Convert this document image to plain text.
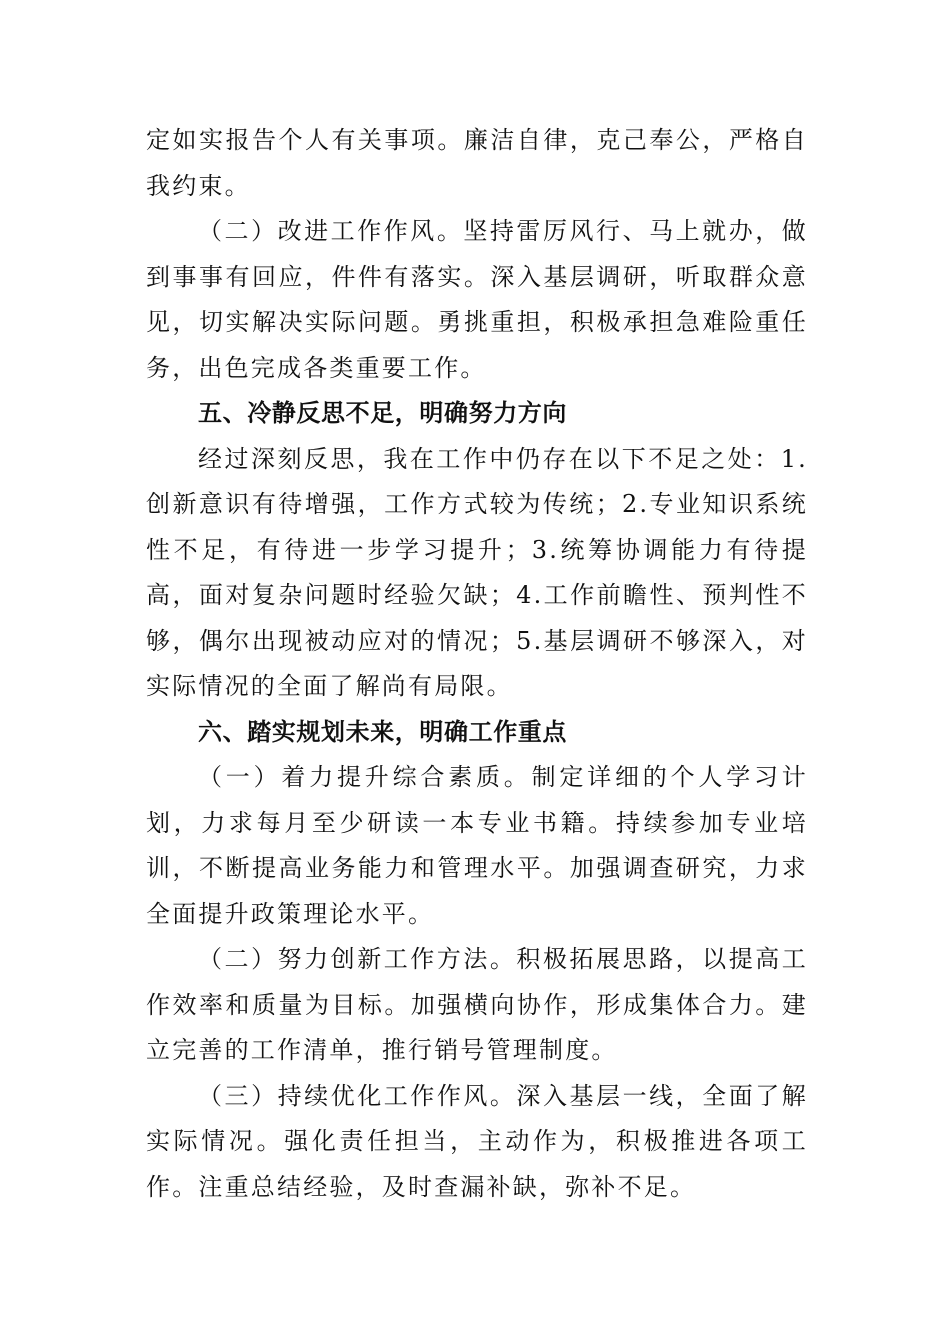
定如实报告个人有关事项。廉洁自律，克己奉公，严格自我约束。

（二）改进工作作风。坚持雷厉风行、马上就办，做到事事有回应，件件有落实。深入基层调研，听取群众意见，切实解决实际问题。勇挑重担，积极承担急难险重任务，出色完成各类重要工作。

五、冷静反思不足，明确努力方向

经过深刻反思，我在工作中仍存在以下不足之处：1.创新意识有待增强，工作方式较为传统；2.专业知识系统性不足，有待进一步学习提升；3.统筹协调能力有待提高，面对复杂问题时经验欠缺；4.工作前瞻性、预判性不够，偶尔出现被动应对的情况；5.基层调研不够深入，对实际情况的全面了解尚有局限。

六、踏实规划未来，明确工作重点

（一）着力提升综合素质。制定详细的个人学习计划，力求每月至少研读一本专业书籍。持续参加专业培训，不断提高业务能力和管理水平。加强调查研究，力求全面提升政策理论水平。

（二）努力创新工作方法。积极拓展思路，以提高工作效率和质量为目标。加强横向协作，形成集体合力。建立完善的工作清单，推行销号管理制度。

（三）持续优化工作作风。深入基层一线，全面了解实际情况。强化责任担当，主动作为，积极推进各项工作。注重总结经验，及时查漏补缺，弥补不足。
